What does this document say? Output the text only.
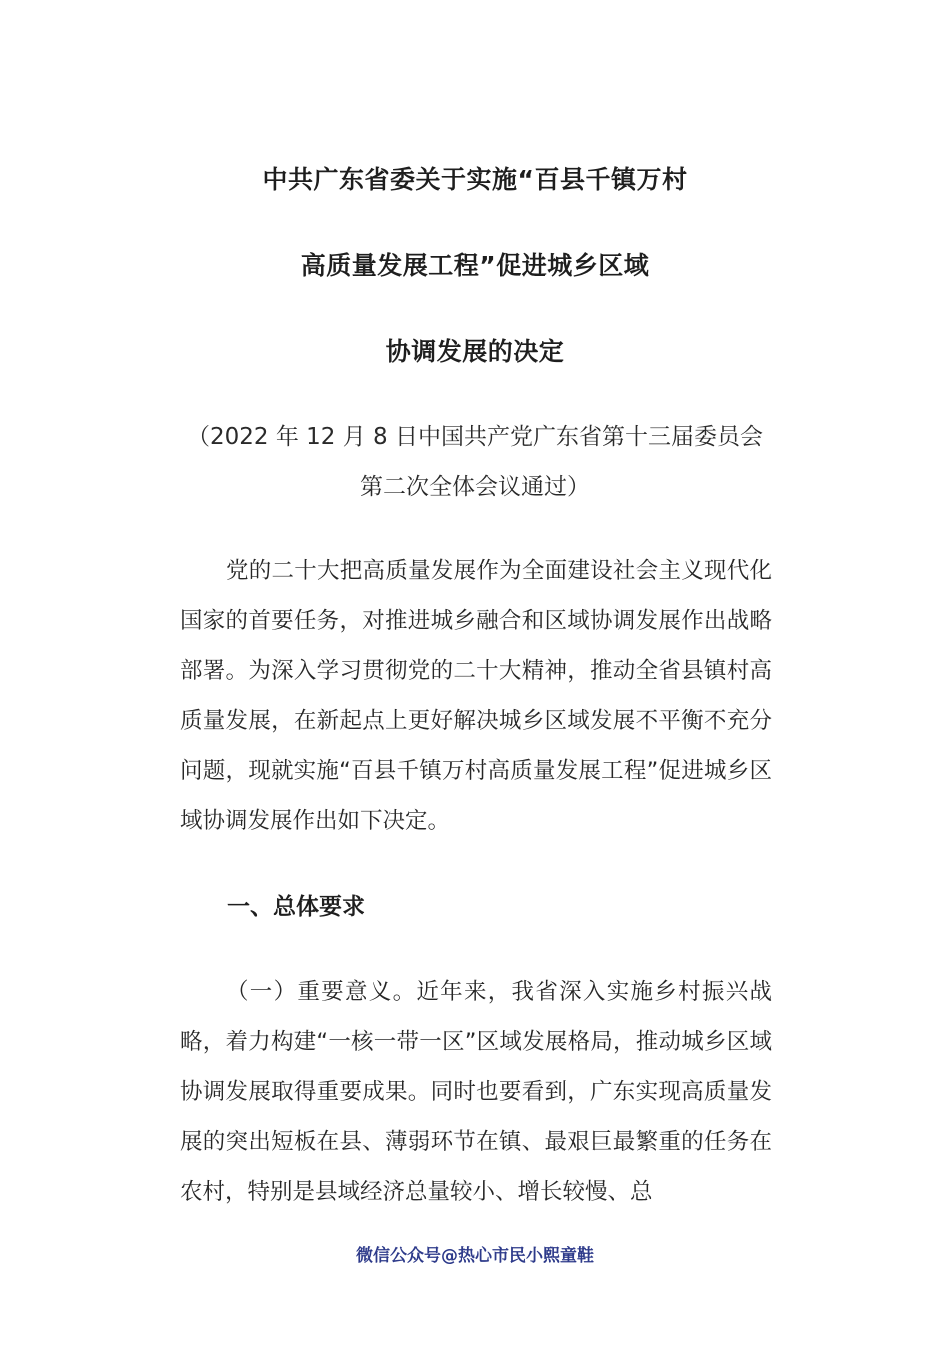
中共广东省委关于实施“百县千镇万村
高质量发展工程”促进城乡区域
协调发展的决定
（2022 年 12 月 8 日中国共产党广东省第十三届委员会
第二次全体会议通过）

党的二十大把高质量发展作为全面建设社会主义现代化国家的首要任务，对推进城乡融合和区域协调发展作出战略部署。为深入学习贯彻党的二十大精神，推动全省县镇村高质量发展，在新起点上更好解决城乡区域发展不平衡不充分问题，现就实施“百县千镇万村高质量发展工程”促进城乡区域协调发展作出如下决定。

一、总体要求

（一）重要意义。近年来，我省深入实施乡村振兴战略，着力构建“一核一带一区”区域发展格局，推动城乡区域协调发展取得重要成果。同时也要看到，广东实现高质量发展的突出短板在县、薄弱环节在镇、最艰巨最繁重的任务在农村，特别是县域经济总量较小、增长较慢、总

微信公众号@热心市民小熙童鞋
